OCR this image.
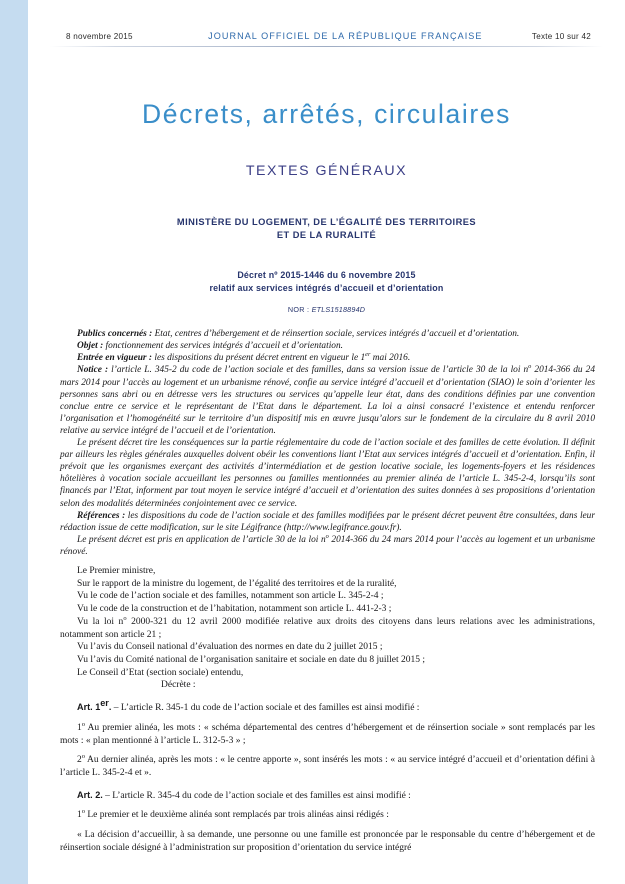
8 novembre 2015	JOURNAL OFFICIEL DE LA RÉPUBLIQUE FRANÇAISE	Texte 10 sur 42
Décrets, arrêtés, circulaires
TEXTES GÉNÉRAUX
MINISTÈRE DU LOGEMENT, DE L’ÉGALITÉ DES TERRITOIRES
ET DE LA RURALITÉ
Décret nº 2015-1446 du 6 novembre 2015
relatif aux services intégrés d’accueil et d’orientation
NOR : ETLS1518894D

Publics concernés : Etat, centres d’hébergement et de réinsertion sociale, services intégrés d’accueil et d’orientation.

Objet : fonctionnement des services intégrés d’accueil et d’orientation.

Entrée en vigueur : les dispositions du présent décret entrent en vigueur le 1er mai 2016.

Notice : l’article L. 345-2 du code de l’action sociale et des familles, dans sa version issue de l’article 30 de la loi $n^o$ 2014-366 du 24 mars 2014 pour l’accès au logement et un urbanisme rénové, confie au service intégré d’accueil et d’orientation (SIAO) le soin d’orienter les personnes sans abri ou en détresse vers les structures ou services qu’appelle leur état, dans des conditions définies par une convention conclue entre ce service et le représentant de l’Etat dans le département. La loi a ainsi consacré l’existence et entendu renforcer l’organisation et l’homogénéité sur le territoire d’un dispositif mis en œuvre jusqu’alors sur le fondement de la circulaire du 8 avril 2010 relative au service intégré de l’accueil et de l’orientation.

Le présent décret tire les conséquences sur la partie réglementaire du code de l’action sociale et des familles de cette évolution. Il définit par ailleurs les règles générales auxquelles doivent obéir les conventions liant l’Etat aux services intégrés d’accueil et d’orientation. Enfin, il prévoit que les organismes exerçant des activités d’intermédiation et de gestion locative sociale, les logements-foyers et les résidences hôtelières à vocation sociale accueillant les personnes ou familles mentionnées au premier alinéa de l’article L. 345-2-4, lorsqu’ils sont financés par l’Etat, informent par tout moyen le service intégré d’accueil et d’orientation des suites données à ses propositions d’orientation selon des modalités déterminées conjointement avec ce service.

Références : les dispositions du code de l’action sociale et des familles modifiées par le présent décret peuvent être consultées, dans leur rédaction issue de cette modification, sur le site Légifrance (http://www.legifrance.gouv.fr).

Le présent décret est pris en application de l’article 30 de la loi $n^o$ 2014-366 du 24 mars 2014 pour l’accès au logement et un urbanisme rénové.

Le Premier ministre,

Sur le rapport de la ministre du logement, de l’égalité des territoires et de la ruralité,

Vu le code de l’action sociale et des familles, notamment son article L. 345-2-4 ;

Vu le code de la construction et de l’habitation, notamment son article L. 441-2-3 ;

Vu la loi $n^o$ 2000-321 du 12 avril 2000 modifiée relative aux droits des citoyens dans leurs relations avec les administrations, notamment son article 21 ;

Vu l’avis du Conseil national d’évaluation des normes en date du 2 juillet 2015 ;

Vu l’avis du Comité national de l’organisation sanitaire et sociale en date du 8 juillet 2015 ;

Le Conseil d’Etat (section sociale) entendu,

Décrète :

Art. 1er. – L’article R. 345-1 du code de l’action sociale et des familles est ainsi modifié :

1$^o$ Au premier alinéa, les mots : « schéma départemental des centres d’hébergement et de réinsertion sociale » sont remplacés par les mots : « plan mentionné à l’article L. 312-5-3 » ;

2$^o$ Au dernier alinéa, après les mots : « le centre apporte », sont insérés les mots : « au service intégré d’accueil et d’orientation défini à l’article L. 345-2-4 et ».

Art. 2. – L’article R. 345-4 du code de l’action sociale et des familles est ainsi modifié :

1$^o$ Le premier et le deuxième alinéa sont remplacés par trois alinéas ainsi rédigés :

« La décision d’accueillir, à sa demande, une personne ou une famille est prononcée par le responsable du centre d’hébergement et de réinsertion sociale désigné à l’administration sur proposition d’orientation du service intégré
